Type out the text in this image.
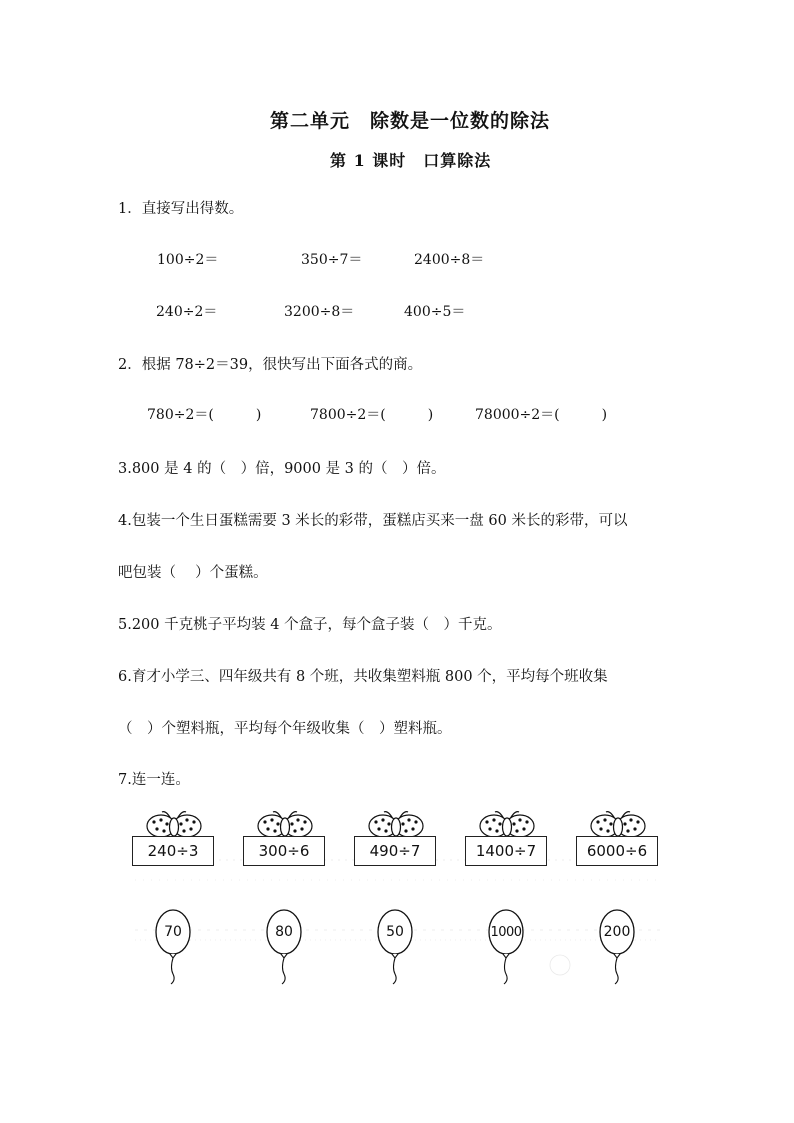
第二单元　除数是一位数的除法
第 1 课时　口算除法
1．直接写出得数。
100÷2＝	350÷7＝	2400÷8＝
240÷2＝	3200÷8＝	400÷5＝
2．根据 78÷2＝39，很快写出下面各式的商。
780÷2＝(　　　)	7800÷2＝(　　　)	78000÷2＝(　　　)
3.800 是 4 的（　）倍，9000 是 3 的（　）倍。
4.包装一个生日蛋糕需要 3 米长的彩带，蛋糕店买来一盘 60 米长的彩带，可以
吧包装（　 ）个蛋糕。
5.200 千克桃子平均装 4 个盒子，每个盒子装（　）千克。
6.育才小学三、四年级共有 8 个班，共收集塑料瓶 800 个，平均每个班收集
（　）个塑料瓶，平均每个年级收集（　）塑料瓶。
7.连一连。
240÷3	300÷6	490÷7	1400÷7	6000÷6
70	80	50	1000	200
